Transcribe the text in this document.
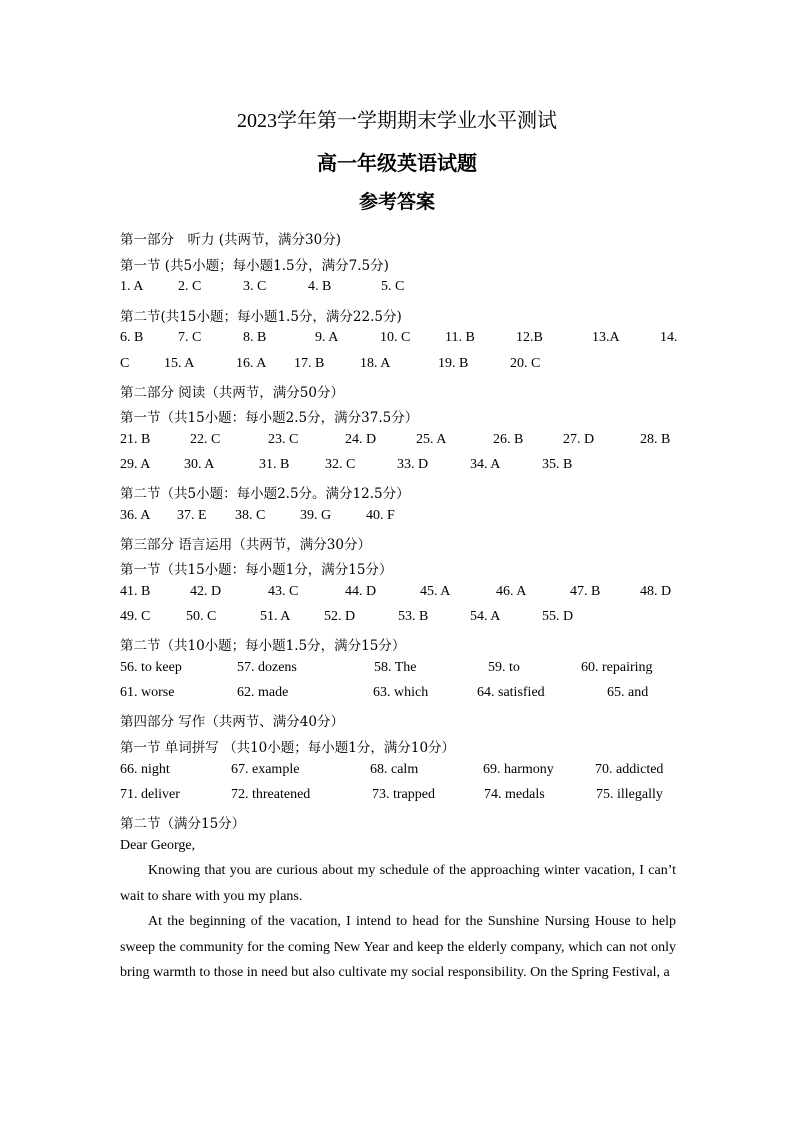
2023学年第一学期期末学业水平测试
高一年级英语试题
参考答案
第一部分　听力 (共两节，满分30分)
第一节 (共5小题；每小题1.5分，满分7.5分)
1. A 2. C	3. C	4. B	5. C
第二节(共15小题；每小题1.5分，满分22.5分)
6. B 7. C	8. B	9. A	10. C 11. B	12.B	13.A	14.
C 15. A	16. A 17. B	18. A	19. B	20. C
第二部分 阅读（共两节，满分50分）
第一节（共15小题：每小题2.5分，满分37.5分）
21. B	22. C	23. C	24. D	25. A	26. B	27. D	28. B
29. A 30. A	31. B	32. C	33. D	34. A	35. B
第二节（共5小题：每小题2.5分。满分12.5分）
36. A 37. E 38. C 39. G 40. F
第三部分 语言运用（共两节，满分30分）
第一节（共15小题：每小题1分，满分15分）
41. B	42. D	43. C	44. D	45. A	46. A	47. B	48. D
49. C	50. C	51. A 52. D	53. B	54. A	55. D
第二节（共10小题；每小题1.5分，满分15分）
56. to keep	57. dozens	58. The	59. to	60. repairing
61. worse	62. made	63. which	64. satisfied	65. and
第四部分 写作（共两节、满分40分）
第一节 单词拼写 （共10小题；每小题1分，满分10分）
66. night	67. example	68. calm	69. harmony	70. addicted
71. deliver	72. threatened	73. trapped	74. medals	75. illegally
第二节（满分15分）
Dear George,
Knowing that you are curious about my schedule of the approaching winter vacation, I can’t wait to share with you my plans.
At the beginning of the vacation, I intend to head for the Sunshine Nursing House to help sweep the community for the coming New Year and keep the elderly company, which can not only bring warmth to those in need but also cultivate my social responsibility. On the Spring Festival, a
